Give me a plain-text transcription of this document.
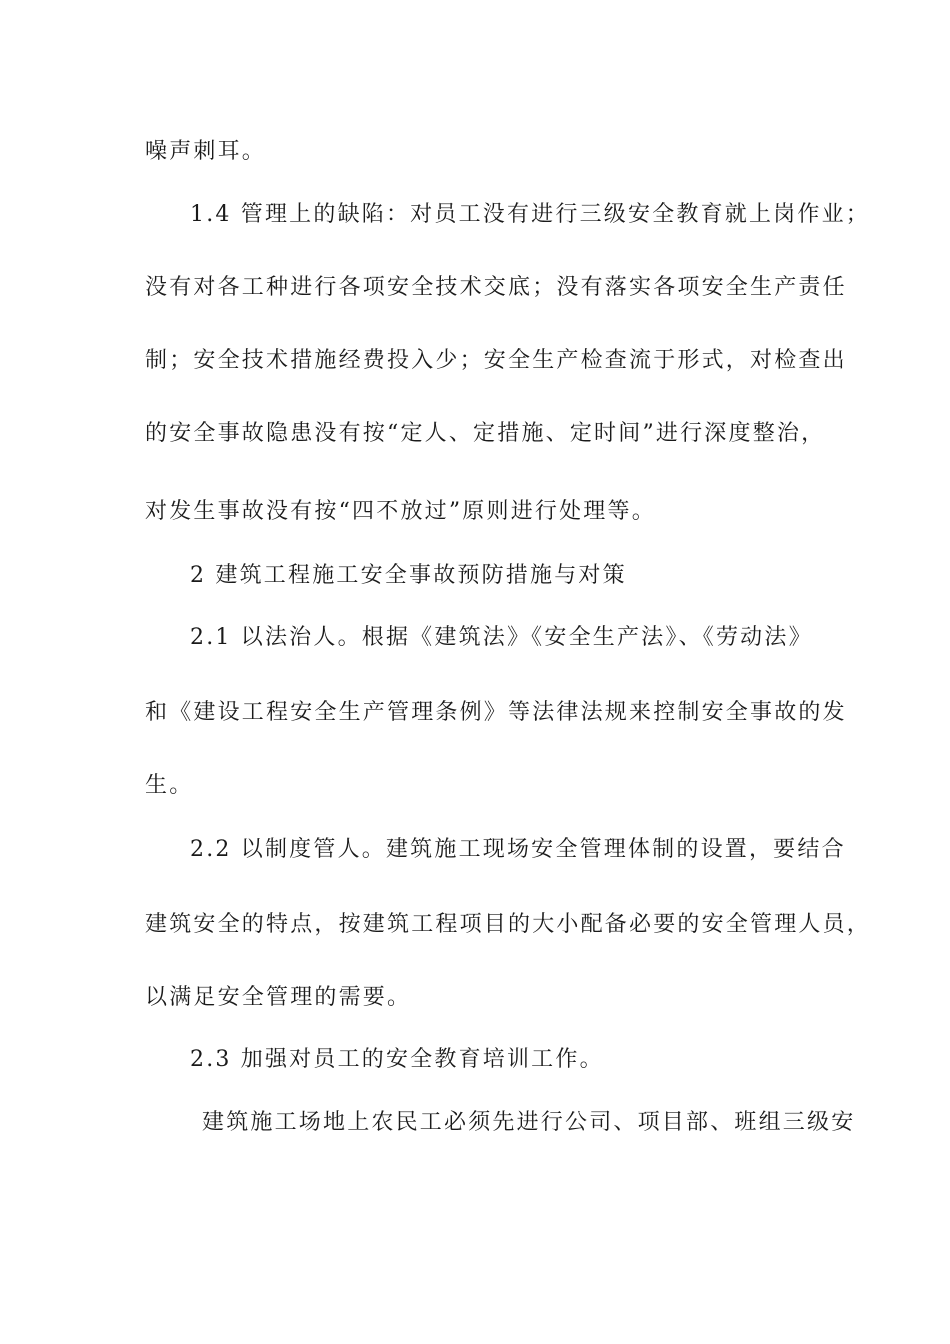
噪声刺耳。
1.4 管理上的缺陷：对员工没有进行三级安全教育就上岗作业；
没有对各工种进行各项安全技术交底；没有落实各项安全生产责任
制；安全技术措施经费投入少；安全生产检查流于形式，对检查出
的安全事故隐患没有按“定人、定措施、定时间”进行深度整治，
对发生事故没有按“四不放过”原则进行处理等。
2 建筑工程施工安全事故预防措施与对策
2.1 以法治人。根据《建筑法》《安全生产法》、《劳动法》
和《建设工程安全生产管理条例》等法律法规来控制安全事故的发
生。
2.2 以制度管人。建筑施工现场安全管理体制的设置，要结合
建筑安全的特点，按建筑工程项目的大小配备必要的安全管理人员，
以满足安全管理的需要。
2.3 加强对员工的安全教育培训工作。
建筑施工场地上农民工必须先进行公司、项目部、班组三级安
